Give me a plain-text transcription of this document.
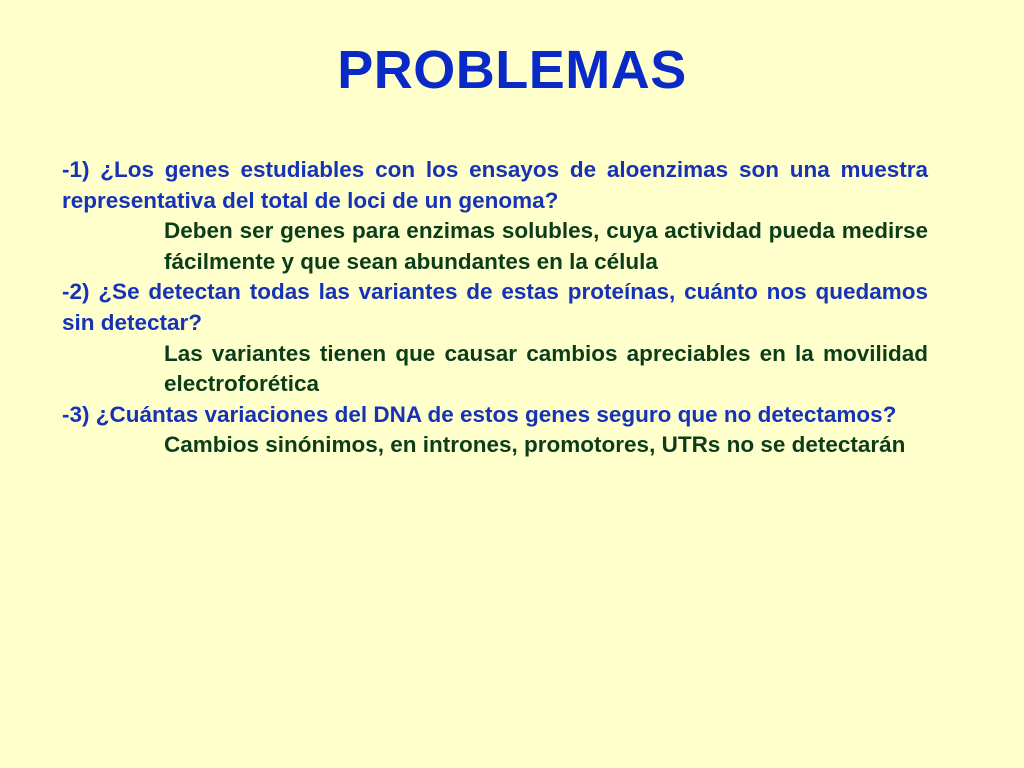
PROBLEMAS

-1) ¿Los genes estudiables con los ensayos de aloenzimas son una muestra representativa del total de loci de un genoma?

Deben ser genes para enzimas solubles, cuya actividad pueda medirse fácilmente y que sean abundantes en la célula

-2) ¿Se detectan todas las variantes de estas proteínas, cuánto nos quedamos sin detectar?

Las variantes tienen que causar cambios apreciables en la movilidad electroforética

-3) ¿Cuántas variaciones del DNA de estos genes seguro que no detectamos?

Cambios sinónimos, en intrones, promotores, UTRs no se detectarán
